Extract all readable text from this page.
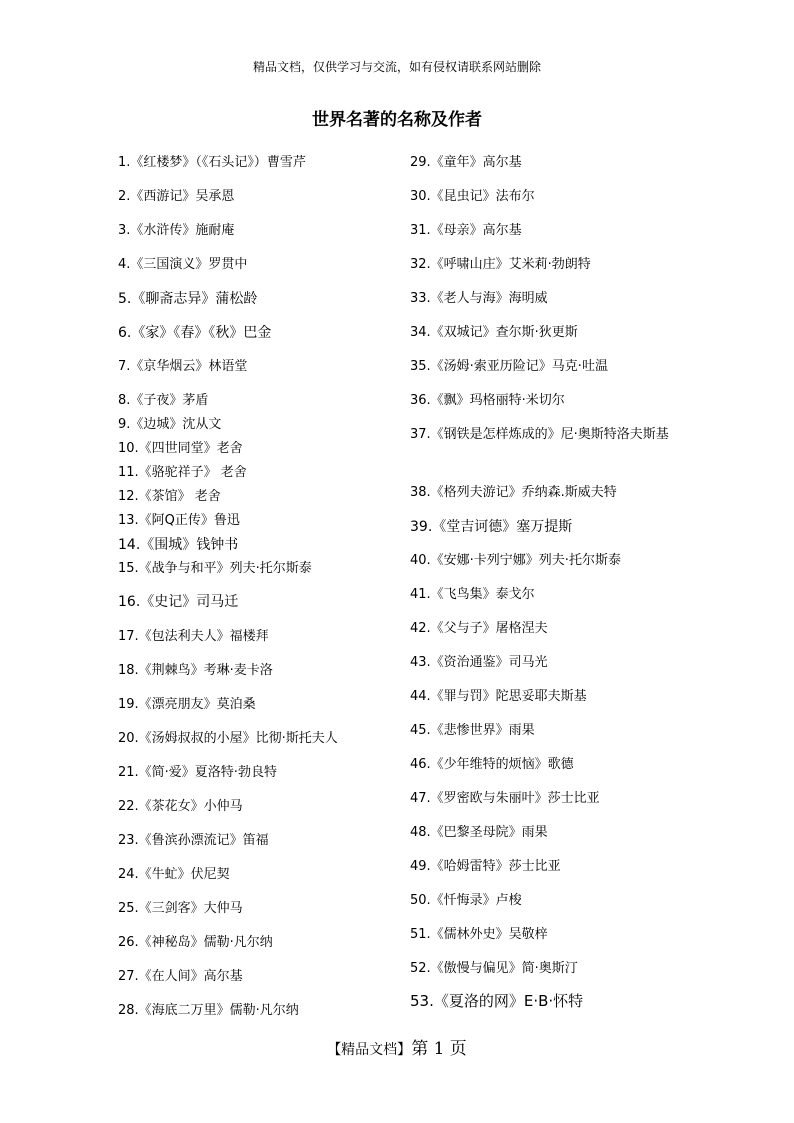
精品文档，仅供学习与交流，如有侵权请联系网站删除
世界名著的名称及作者
1.《红楼梦》（《石头记》）曹雪芹
2.《西游记》吴承恩
3.《水浒传》施耐庵
4.《三国演义》罗贯中
5.《聊斋志异》蒲松龄
6.《家》《春》《秋》巴金
7.《京华烟云》林语堂
8.《子夜》茅盾
9.《边城》沈从文
10.《四世同堂》老舍
11.《骆驼祥子》 老舍
12.《茶馆》 老舍
13.《阿Q正传》鲁迅
14.《围城》钱钟书
15.《战争与和平》列夫·托尔斯泰
16.《史记》司马迁
17.《包法利夫人》福楼拜
18.《荆棘鸟》考琳·麦卡洛
19.《漂亮朋友》莫泊桑
20.《汤姆叔叔的小屋》比彻·斯托夫人
21.《简·爱》夏洛特·勃良特
22.《茶花女》小仲马
23.《鲁滨孙漂流记》笛福
24.《牛虻》伏尼契
25.《三剑客》大仲马
26.《神秘岛》儒勒·凡尔纳
27.《在人间》高尔基
28.《海底二万里》儒勒·凡尔纳
29.《童年》高尔基
30.《昆虫记》法布尔
31.《母亲》高尔基
32.《呼啸山庄》艾米莉·勃朗特
33.《老人与海》海明威
34.《双城记》查尔斯·狄更斯
35.《汤姆·索亚历险记》马克·吐温
36.《飘》玛格丽特·米切尔
37.《钢铁是怎样炼成的》尼·奥斯特洛夫斯基
38.《格列夫游记》乔纳森.斯威夫特
39.《堂吉诃德》塞万提斯
40.《安娜·卡列宁娜》列夫·托尔斯泰
41.《飞鸟集》泰戈尔
42.《父与子》屠格涅夫
43.《资治通鉴》司马光
44.《罪与罚》陀思妥耶夫斯基
45.《悲惨世界》雨果
46.《少年维特的烦恼》歌德
47.《罗密欧与朱丽叶》莎士比亚
48.《巴黎圣母院》雨果
49.《哈姆雷特》莎士比亚
50.《忏悔录》卢梭
51.《儒林外史》吴敬梓
52.《傲慢与偏见》简·奥斯汀
53.《夏洛的网》E·B·怀特
【精品文档】第 1 页
